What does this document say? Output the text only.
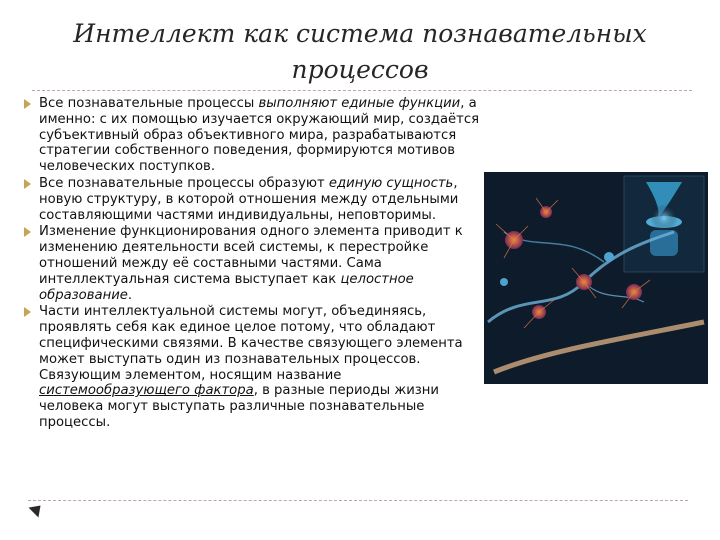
Интеллект как система познавательных процессов
Все познавательные процессы выполняют единые функции, а именно: с их помощью изучается окружающий мир, создаётся субъективный образ объективного мира, разрабатываются стратегии собственного поведения, формируются мотивов человеческих поступков.
Все познавательные процессы образуют единую сущность, новую структуру, в которой отношения между отдельными составляющими частями индивидуальны, неповторимы.
Изменение функционирования одного элемента приводит к изменению деятельности всей системы, к перестройке отношений между её составными частями. Сама интеллектуальная система выступает как целостное образование.
Части интеллектуальной системы могут, объединяясь, проявлять себя как единое целое потому, что обладают специфическими связями. В качестве связующего элемента может выступать один из познавательных процессов. Связующим элементом, носящим название системообразующего фактора, в разные периоды жизни человека могут выступать различные познавательные процессы.
